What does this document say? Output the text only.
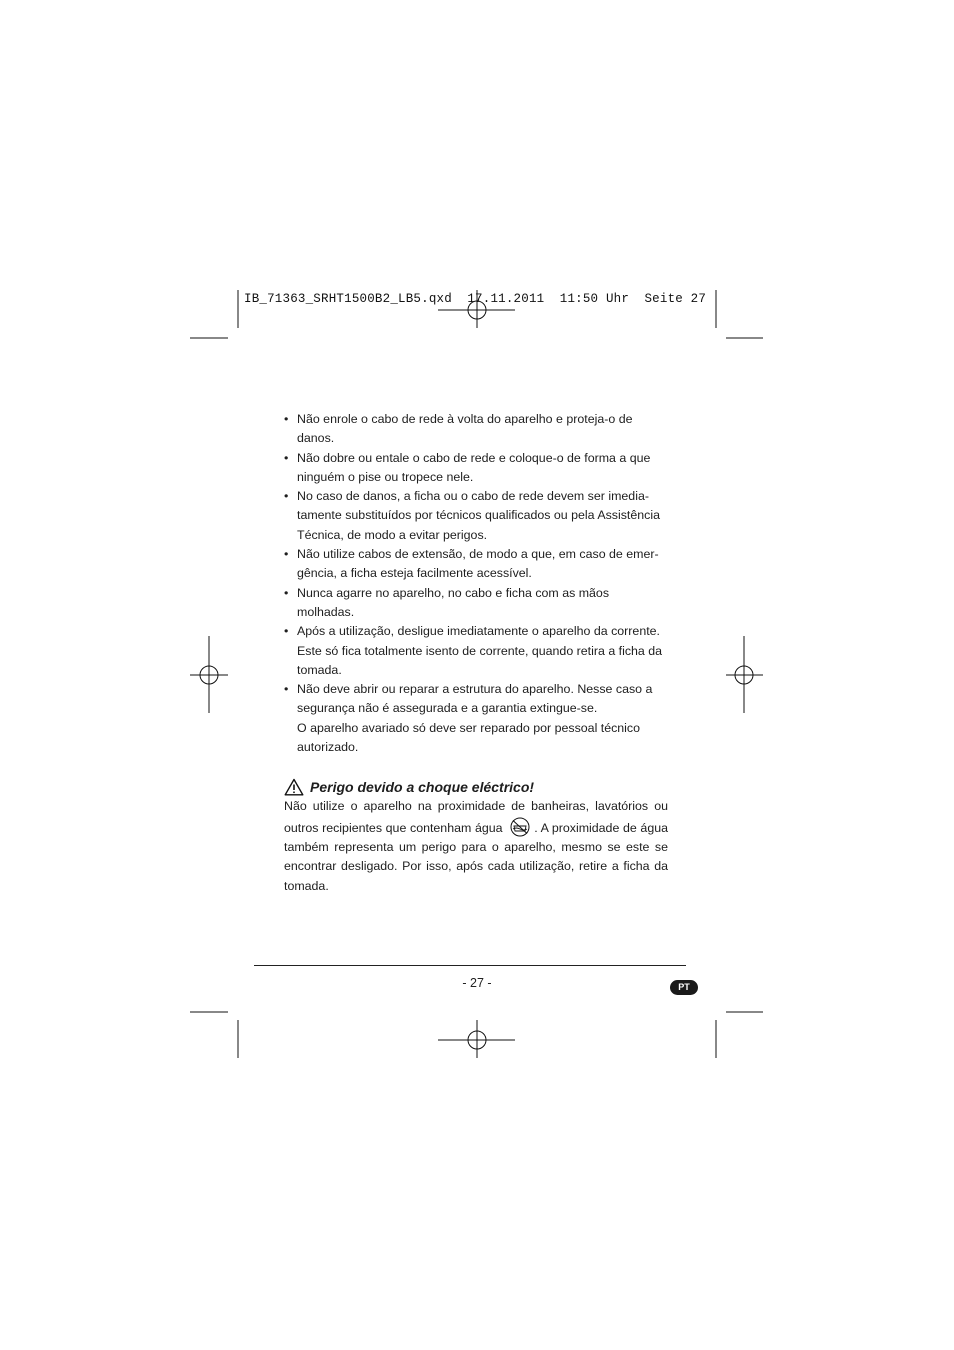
IB_71363_SRHT1500B2_LB5.qxd  17.11.2011  11:50 Uhr  Seite 27
• Não enrole o cabo de rede à volta do aparelho e proteja-o de danos.
• Não dobre ou entale o cabo de rede e coloque-o de forma a que ninguém o pise ou tropece nele.
• No caso de danos, a ficha ou o cabo de rede devem ser imedia-tamente substituídos por técnicos qualificados ou pela Assistência Técnica, de modo a evitar perigos.
• Não utilize cabos de extensão, de modo a que, em caso de emer-gência, a ficha esteja facilmente acessível.
• Nunca agarre no aparelho, no cabo e ficha com as mãos molhadas.
• Após a utilização, desligue imediatamente o aparelho da corrente. Este só fica totalmente isento de corrente, quando retira a ficha da tomada.
• Não deve abrir ou reparar a estrutura do aparelho. Nesse caso a segurança não é assegurada e a garantia extingue-se.
O aparelho avariado só deve ser reparado por pessoal técnico autorizado.
Perigo devido a choque eléctrico!
Não utilize o aparelho na proximidade de banheiras, lavatórios ou outros recipientes que contenham água	. A proximidade de água também representa um perigo para o aparelho, mesmo se este se encontrar desligado. Por isso, após cada utilização, retire a ficha da tomada.
- 27 -	PT
